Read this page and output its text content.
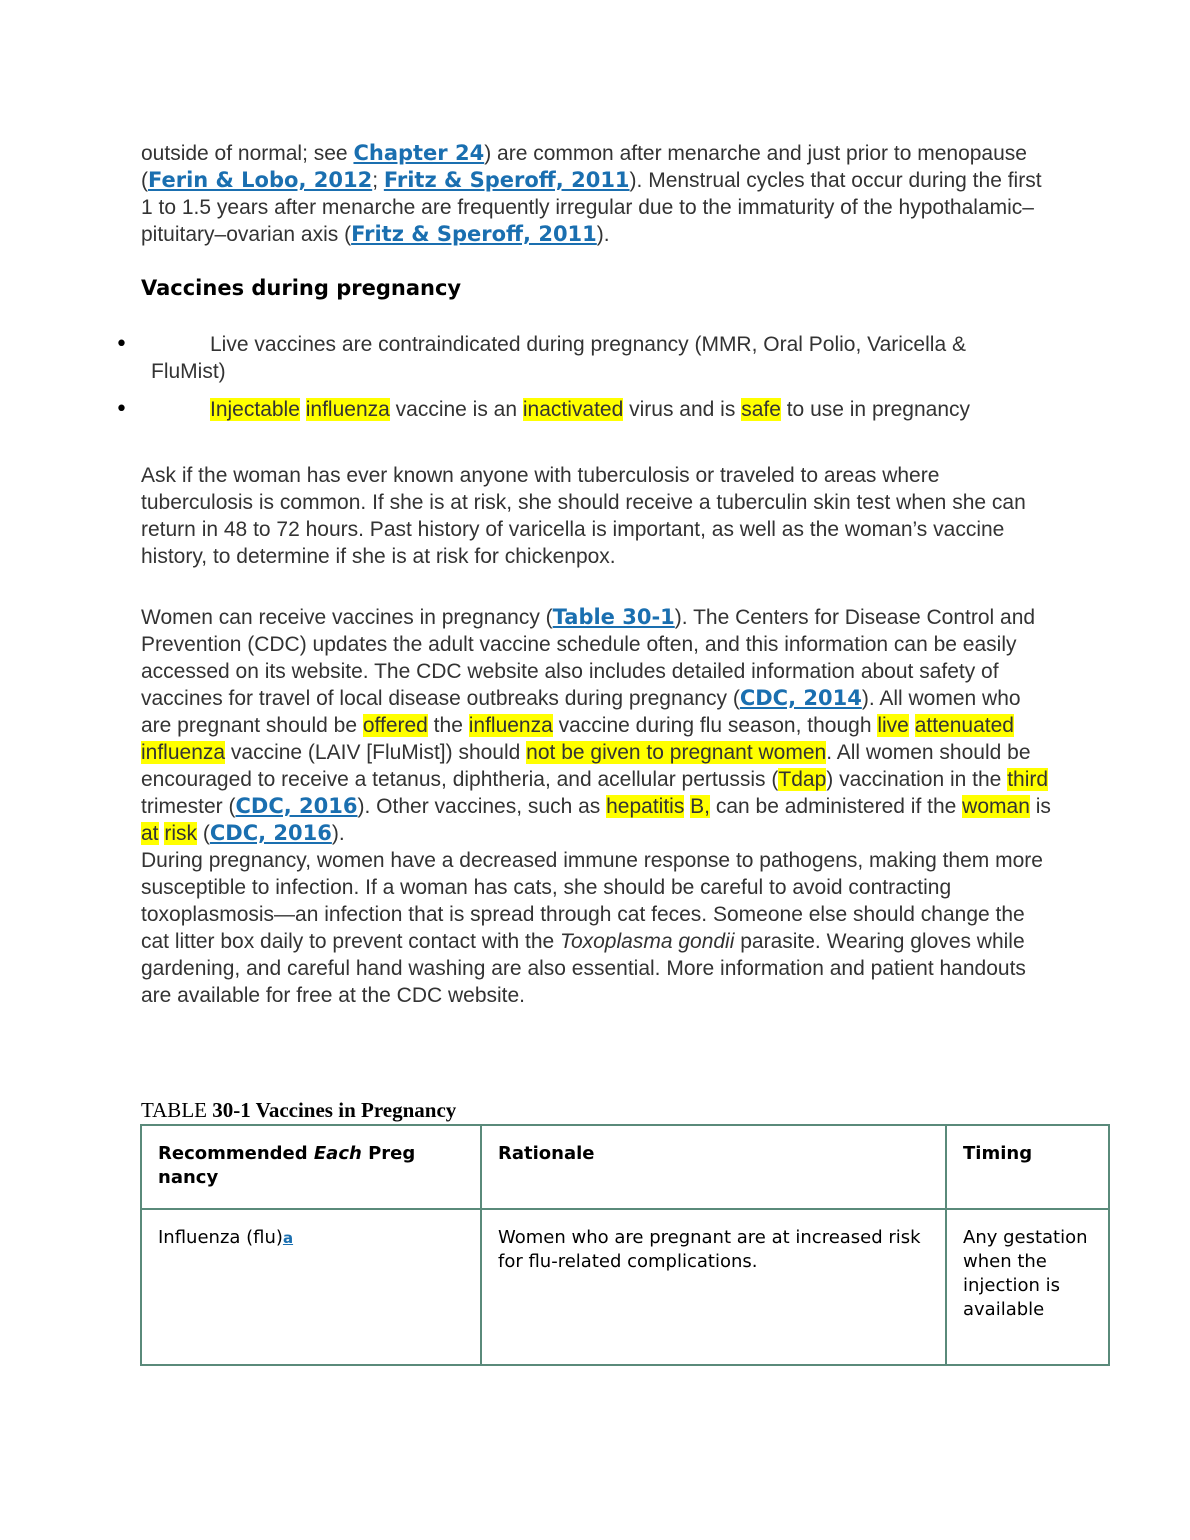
outside of normal; see Chapter 24) are common after menarche and just prior to menopause (Ferin & Lobo, 2012; Fritz & Speroff, 2011). Menstrual cycles that occur during the first 1 to 1.5 years after menarche are frequently irregular due to the immaturity of the hypothalamic–pituitary–ovarian axis (Fritz & Speroff, 2011).

Vaccines during pregnancy
•	Live vaccines are contraindicated during pregnancy (MMR, Oral Polio, Varicella & FluMist)

•	Injectable influenza vaccine is an inactivated virus and is safe to use in pregnancy

Ask if the woman has ever known anyone with tuberculosis or traveled to areas where tuberculosis is common. If she is at risk, she should receive a tuberculin skin test when she can return in 48 to 72 hours. Past history of varicella is important, as well as the woman’s vaccine history, to determine if she is at risk for chickenpox.

Women can receive vaccines in pregnancy (Table 30-1). The Centers for Disease Control and Prevention (CDC) updates the adult vaccine schedule often, and this information can be easily accessed on its website. The CDC website also includes detailed information about safety of vaccines for travel of local disease outbreaks during pregnancy (CDC, 2014). All women who are pregnant should be offered the influenza vaccine during flu season, though live attenuated influenza vaccine (LAIV [FluMist]) should not be given to pregnant women. All women should be encouraged to receive a tetanus, diphtheria, and acellular pertussis (Tdap) vaccination in the third trimester (CDC, 2016). Other vaccines, such as hepatitis B, can be administered if the woman is at risk (CDC, 2016).
During pregnancy, women have a decreased immune response to pathogens, making them more susceptible to infection. If a woman has cats, she should be careful to avoid contracting toxoplasmosis—an infection that is spread through cat feces. Someone else should change the cat litter box daily to prevent contact with the Toxoplasma gondii parasite. Wearing gloves while gardening, and careful hand washing are also essential. More information and patient handouts are available for free at the CDC website.

TABLE 30-1 Vaccines in Pregnancy

Recommended Each Preg nancy	Rationale	Timing
Influenza (flu)a	Women who are pregnant are at increased risk for flu-related complications.	Any gestation when the injection is available
